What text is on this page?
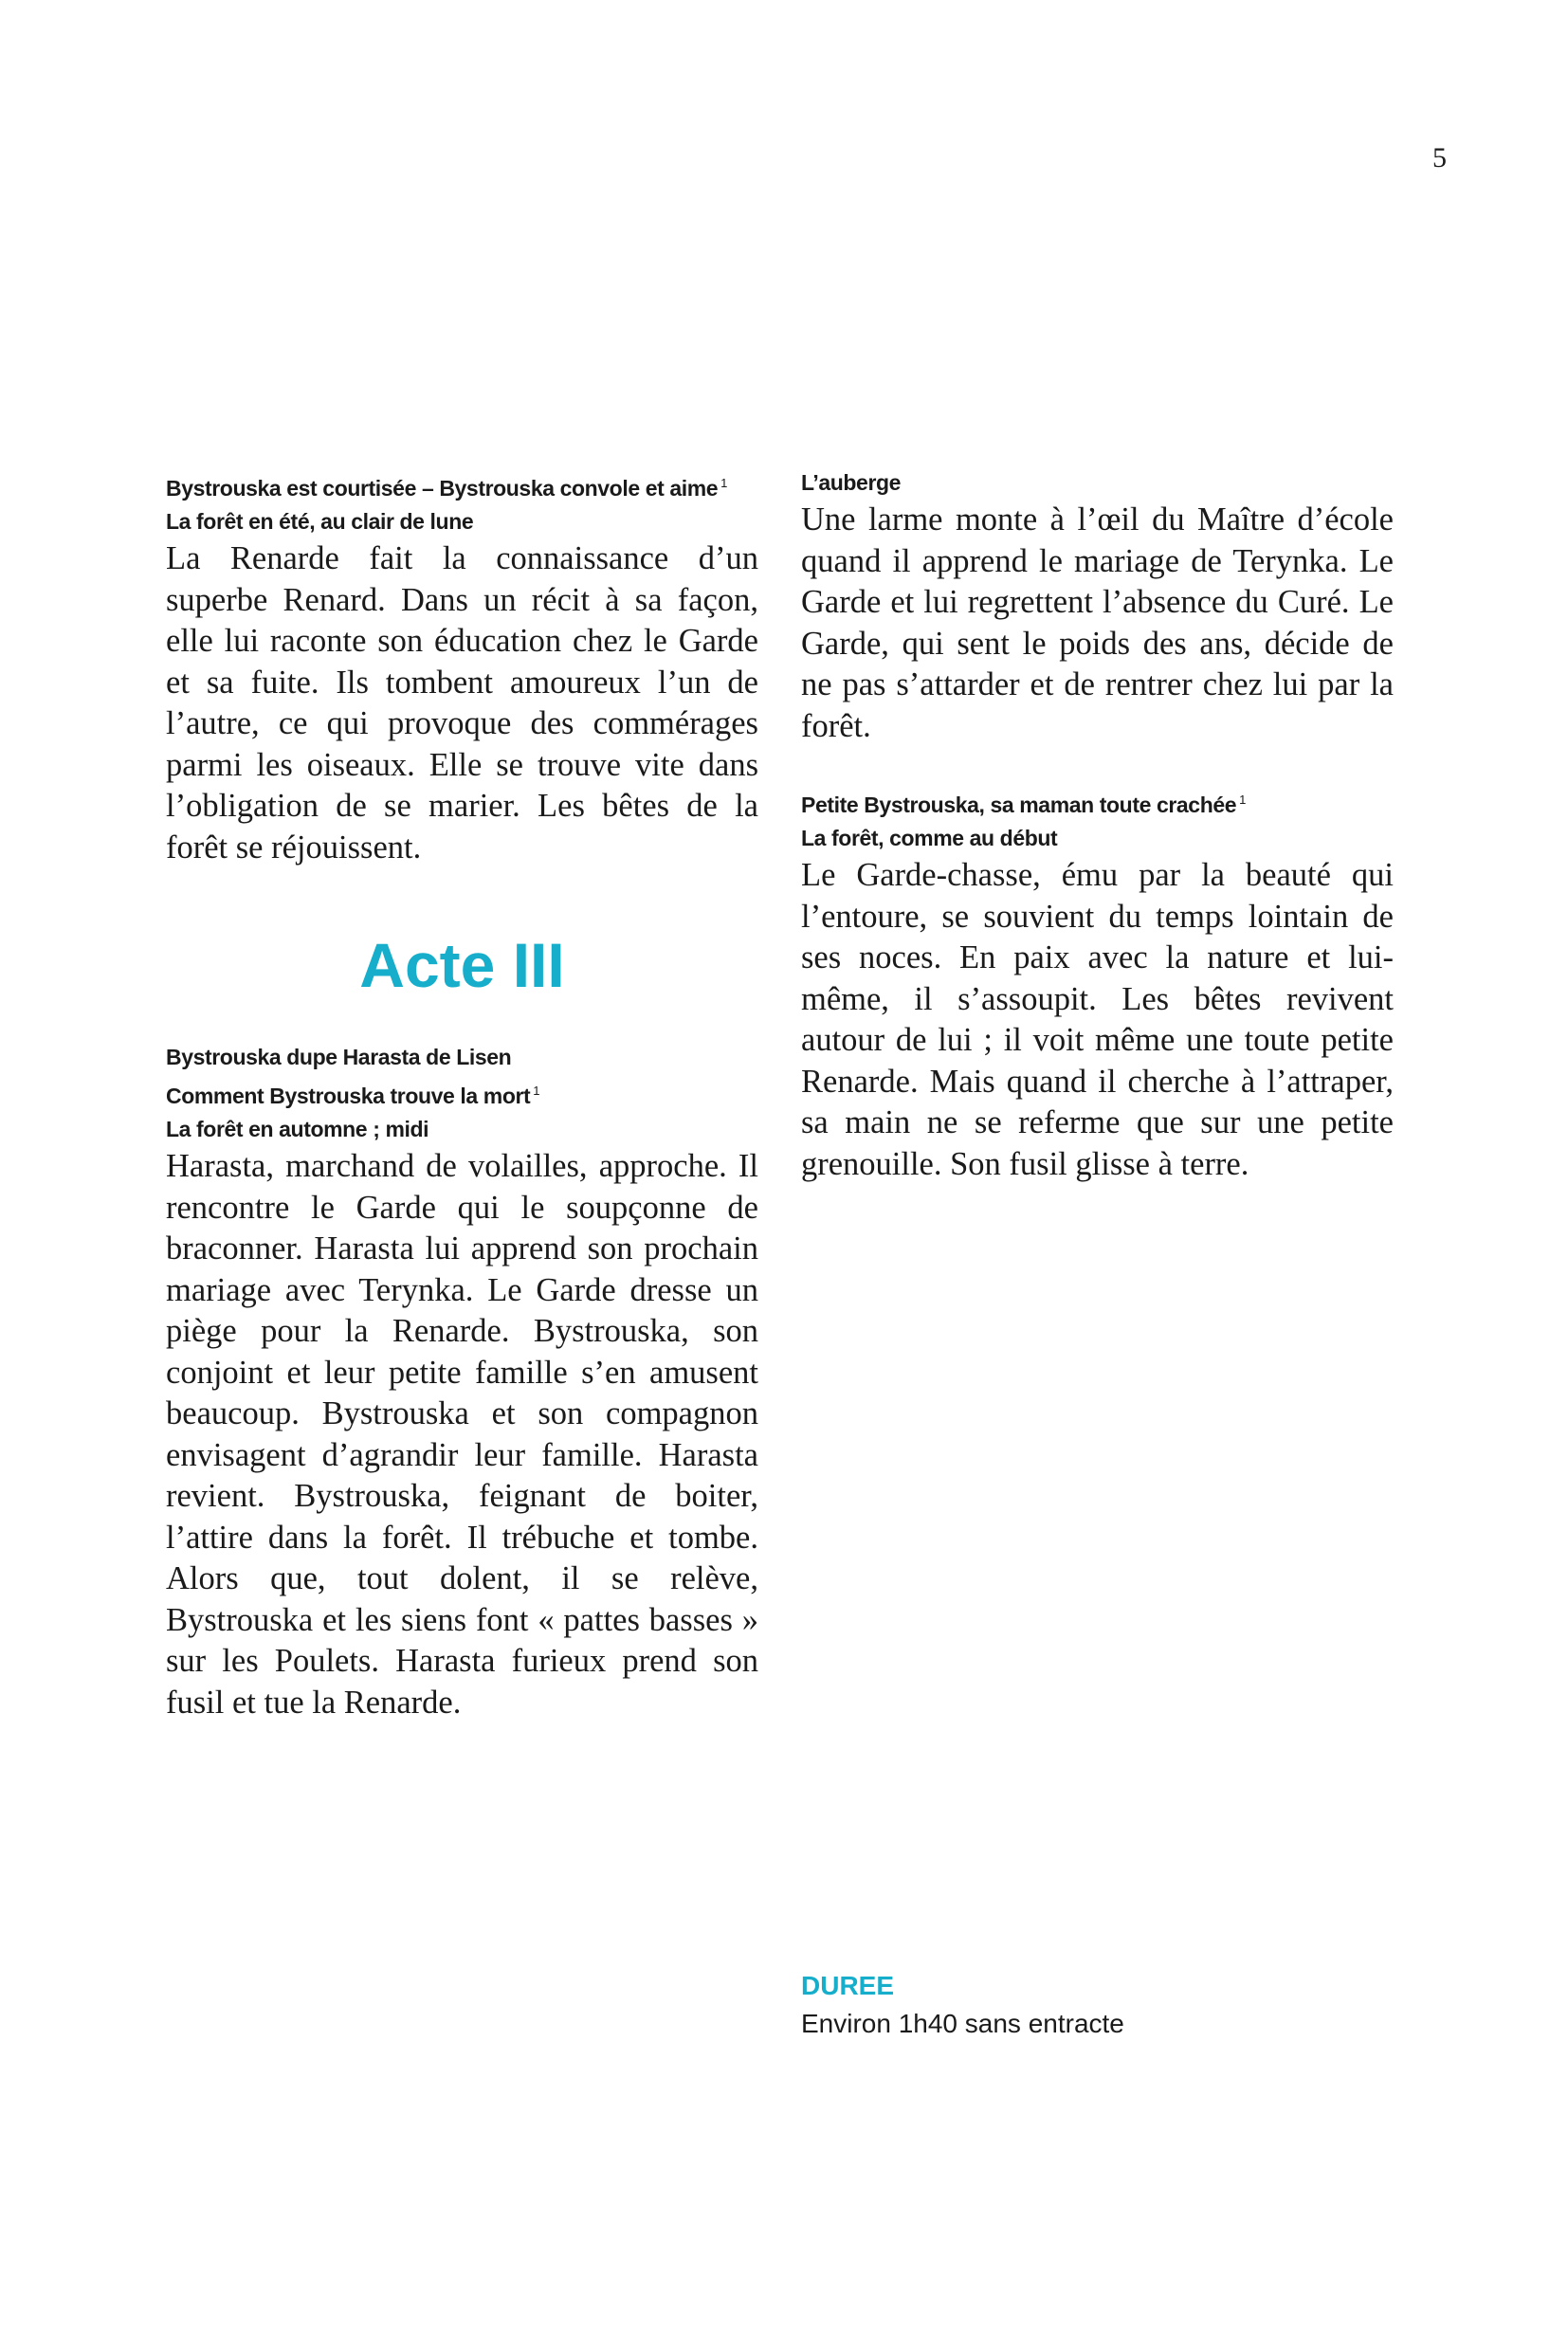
5

Bystrouska est courtisée – Bystrouska convole et aime $^1$

La forêt en été, au clair de lune

La Renarde fait la connaissance d’un superbe Renard. Dans un récit à sa façon, elle lui raconte son éducation chez le Garde et sa fuite. Ils tombent amoureux l’un de l’autre, ce qui provoque des commérages parmi les oiseaux. Elle se trouve vite dans l’obligation de se marier. Les bêtes de la forêt se réjouissent.

Acte III

Bystrouska dupe Harasta de Lisen

Comment Bystrouska trouve la mort $^1$

La forêt en automne ; midi

Harasta, marchand de volailles, approche. Il rencontre le Garde qui le soupçonne de braconner. Harasta lui apprend son prochain mariage avec Terynka. Le Garde dresse un piège pour la Renarde. Bystrouska, son conjoint et leur petite famille s’en amusent beaucoup. Bystrouska et son compagnon envisagent d’agrandir leur famille. Harasta revient. Bystrouska, feignant de boiter, l’attire dans la forêt. Il trébuche et tombe. Alors que, tout dolent, il se relève, Bystrouska et les siens font « pattes basses » sur les Poulets. Harasta furieux prend son fusil et tue la Renarde.

L’auberge

Une larme monte à l’œil du Maître d’école quand il apprend le mariage de Terynka. Le Garde et lui regrettent l’absence du Curé. Le Garde, qui sent le poids des ans, décide de ne pas s’attarder et de rentrer chez lui par la forêt.

Petite Bystrouska, sa maman toute crachée $^1$

La forêt, comme au début

Le Garde-chasse, ému par la beauté qui l’entoure, se souvient du temps lointain de ses noces. En paix avec la nature et lui-même, il s’assoupit. Les bêtes revivent autour de lui ; il voit même une toute petite Renarde. Mais quand il cherche à l’attraper, sa main ne se referme que sur une petite grenouille. Son fusil glisse à terre.

DUREE
Environ 1h40 sans entracte
